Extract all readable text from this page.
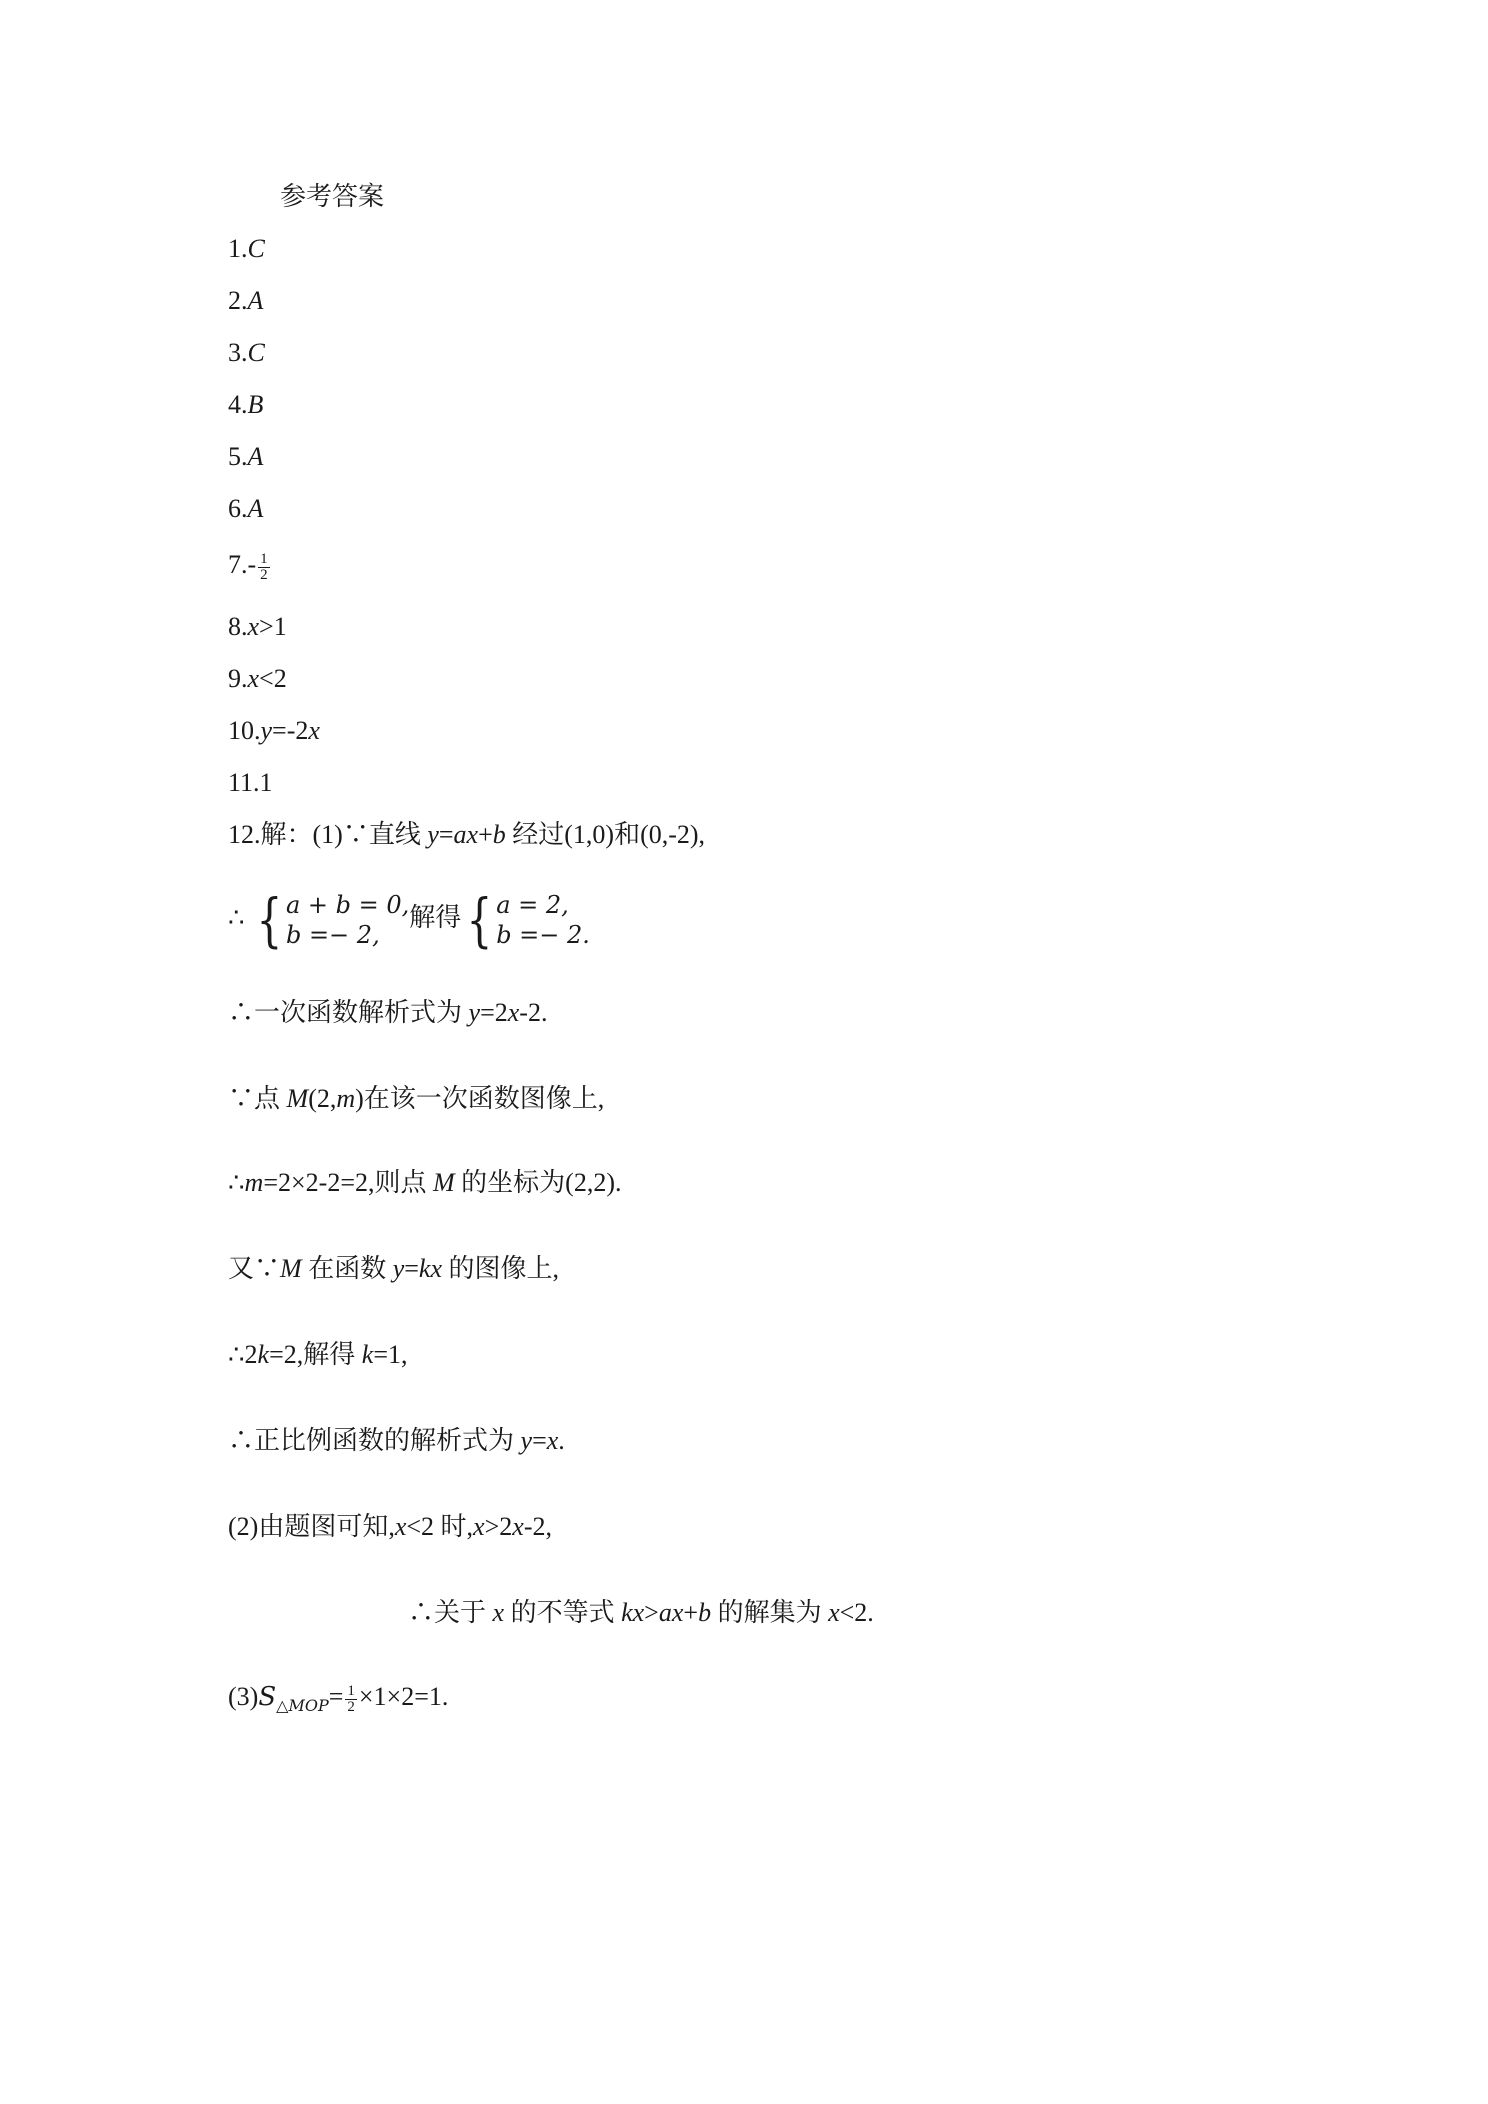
参考答案
1.C
2.A
3.C
4.B
5.A
6.A
$7.- \frac{1}{2}$
8.x>1
9.x<2
10.y=-2x
11.1
12.解：(1)∵直线 y=ax+b 经过(1,0)和(0,-2),
∴ { a + b = 0,
b =− 2,
解得{ a = 2,
b =− 2.
∴一次函数解析式为 y=2x-2.
∵点 M(2,m)在该一次函数图像上,
∴m=2×2-2=2,则点 M 的坐标为(2,2).
又∵M 在函数 y=kx 的图像上,
∴2k=2,解得 k=1,
∴正比例函数的解析式为 y=x.
(2)由题图可知,x<2 时,x>2x-2,
∴关于 x 的不等式 kx>ax+b 的解集为 x<2.
$(3)S_{\triangle MOP}= \frac{1}{2} \times 1\times 2=1$.
